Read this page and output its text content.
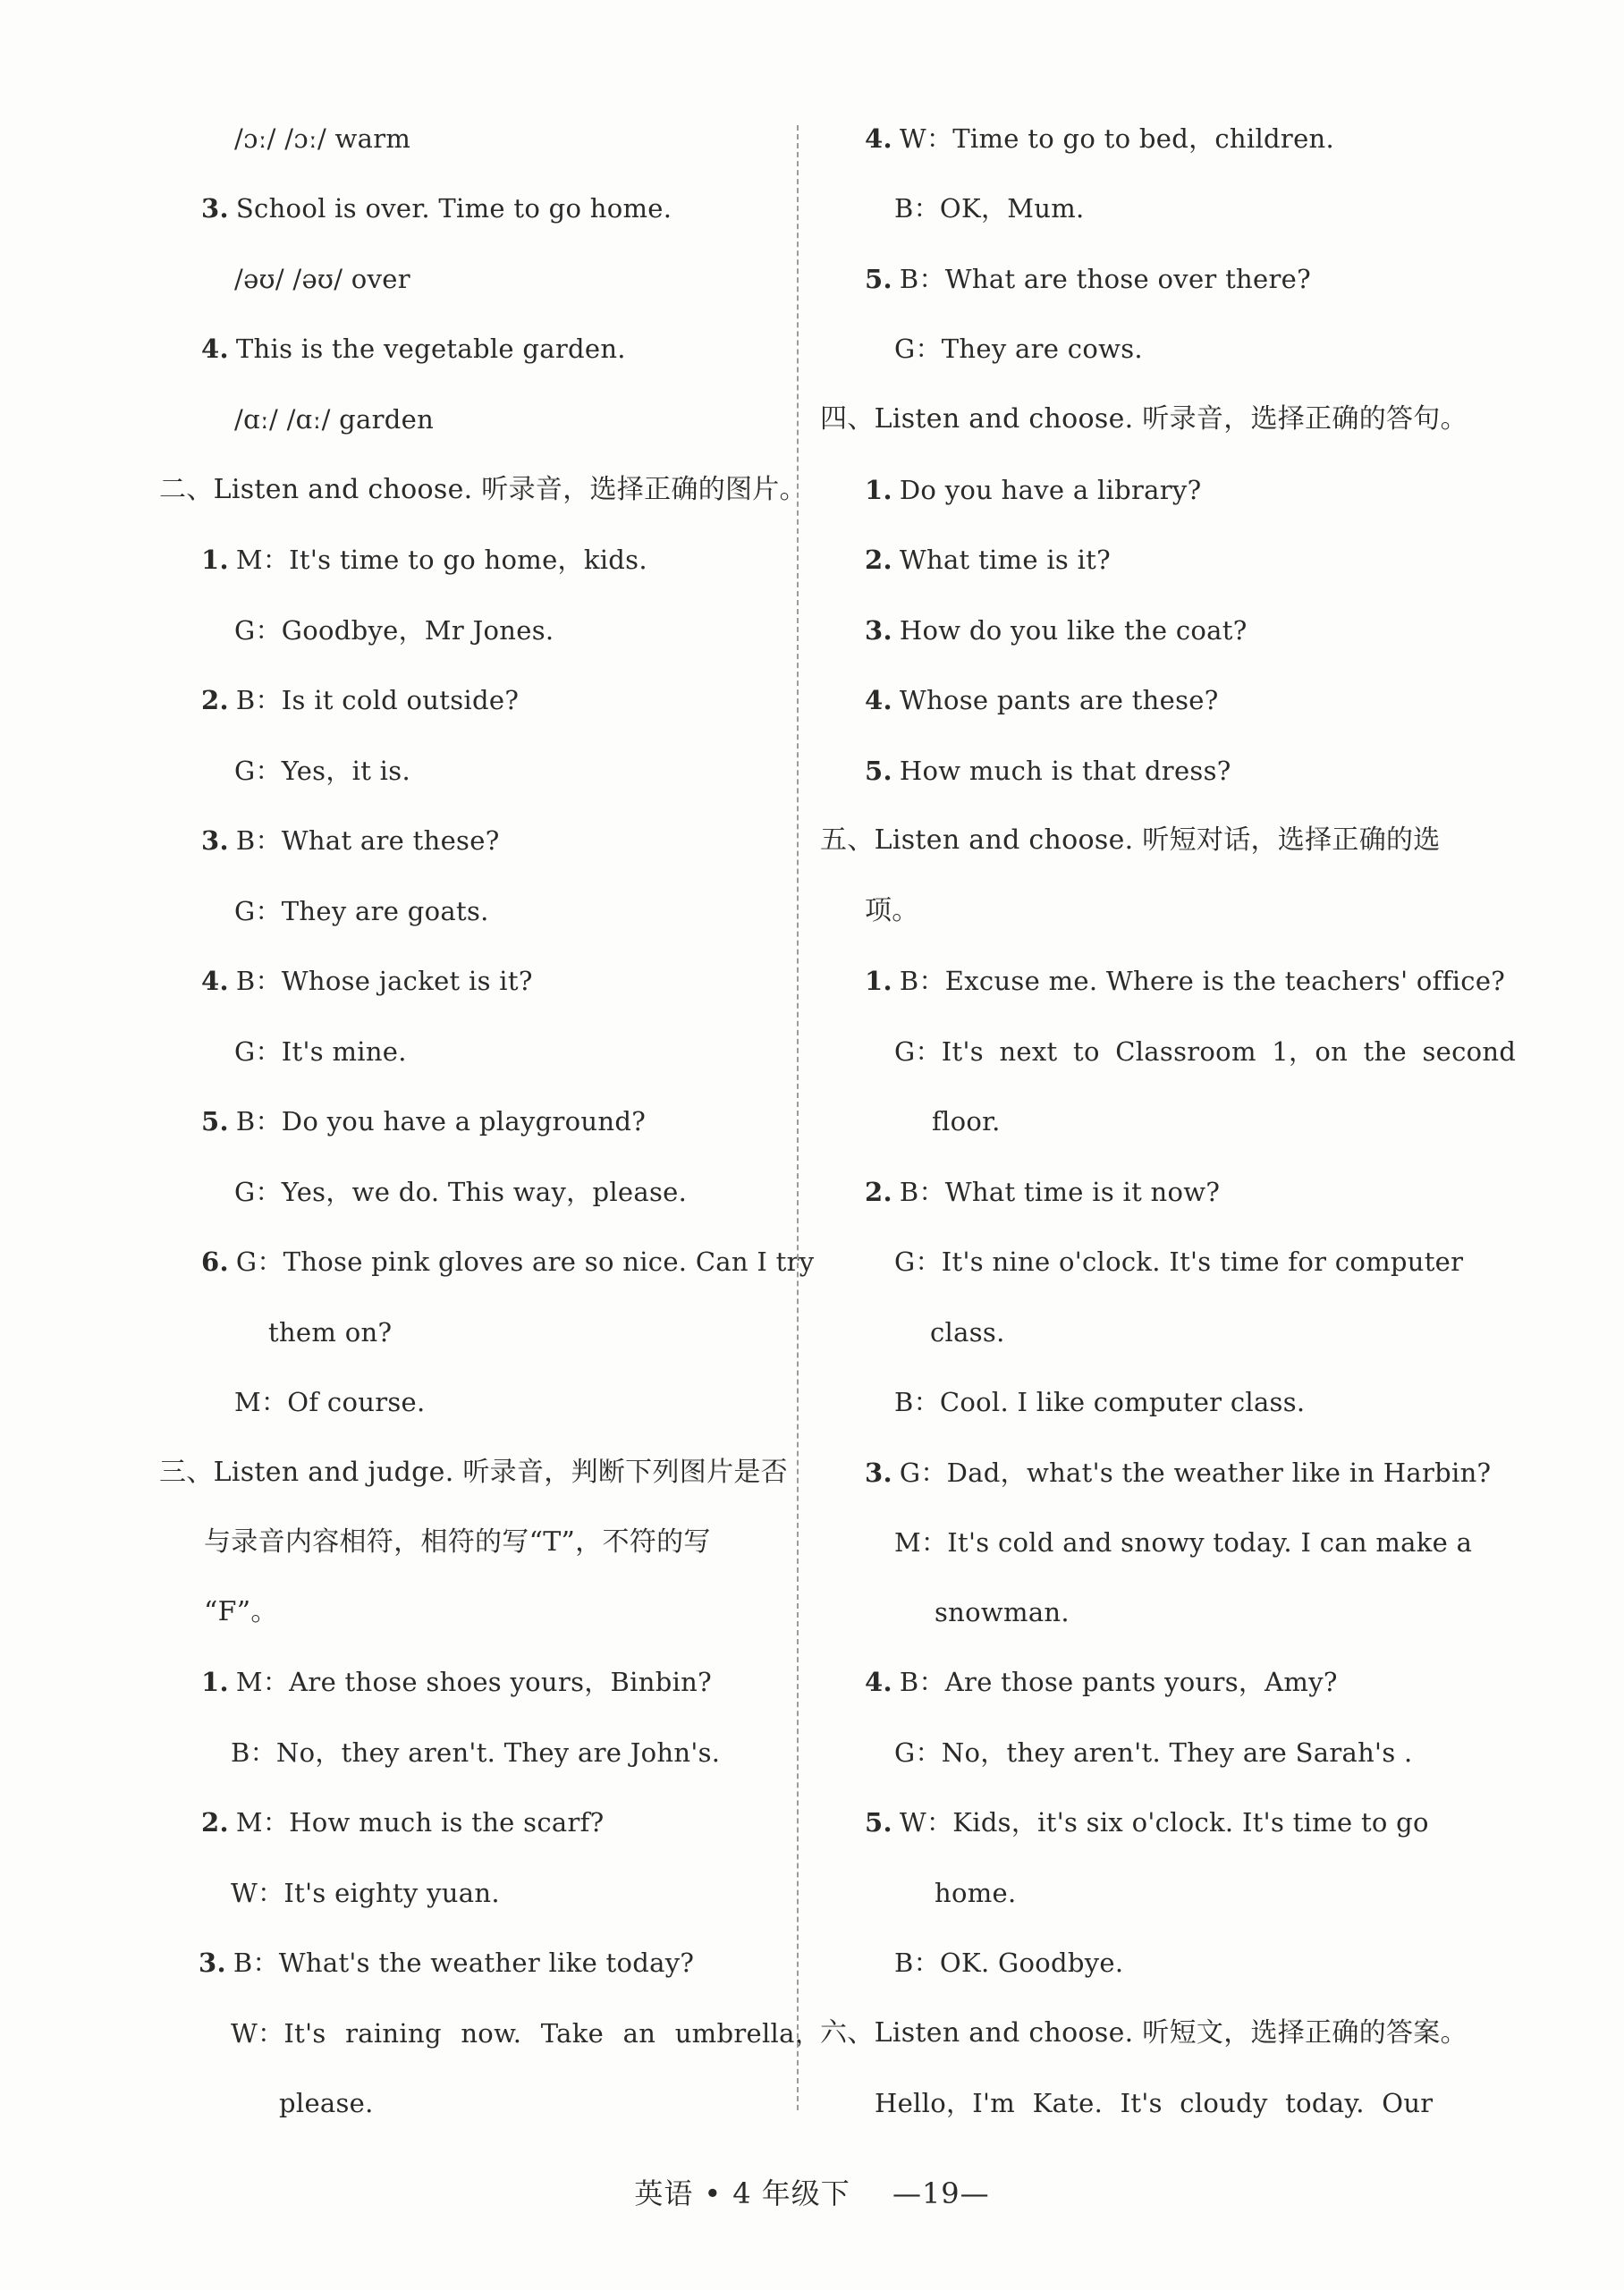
/ɔː/ /ɔː/ warm
3. School is over. Time to go home.
/əʊ/ /əʊ/ over
4. This is the vegetable garden.
/ɑː/ /ɑː/ garden
二、Listen and choose. 听录音，选择正确的图片。
1. M：It's time to go home，kids.
G：Goodbye，Mr Jones.
2. B：Is it cold outside?
G：Yes，it is.
3. B：What are these?
G：They are goats.
4. B：Whose jacket is it?
G：It's mine.
5. B：Do you have a playground?
G：Yes，we do. This way，please.
6. G：Those pink gloves are so nice. Can I try
them on?
M：Of course.
三、Listen and judge. 听录音，判断下列图片是否
与录音内容相符，相符的写“T”，不符的写
“F”。
1. M：Are those shoes yours，Binbin?
B：No，they aren't. They are John's.
2. M：How much is the scarf?
W：It's eighty yuan.
3. B：What's the weather like today?
W：It's raining now. Take an umbrella，
please.
4. W：Time to go to bed，children.
B：OK，Mum.
5. B：What are those over there?
G：They are cows.
四、Listen and choose. 听录音，选择正确的答句。
1. Do you have a library?
2. What time is it?
3. How do you like the coat?
4. Whose pants are these?
5. How much is that dress?
五、Listen and choose. 听短对话，选择正确的选
项。
1. B：Excuse me. Where is the teachers' office?
G：It's next to Classroom 1，on the second
floor.
2. B：What time is it now?
G：It's nine o'clock. It's time for computer
class.
B：Cool. I like computer class.
3. G：Dad，what's the weather like in Harbin?
M：It's cold and snowy today. I can make a
snowman.
4. B：Are those pants yours，Amy?
G：No，they aren't. They are Sarah's .
5. W：Kids，it's six o'clock. It's time to go
home.
B：OK. Goodbye.
六、Listen and choose. 听短文，选择正确的答案。
Hello，I'm Kate. It's cloudy today. Our
英语 • 4 年级下 —19—
